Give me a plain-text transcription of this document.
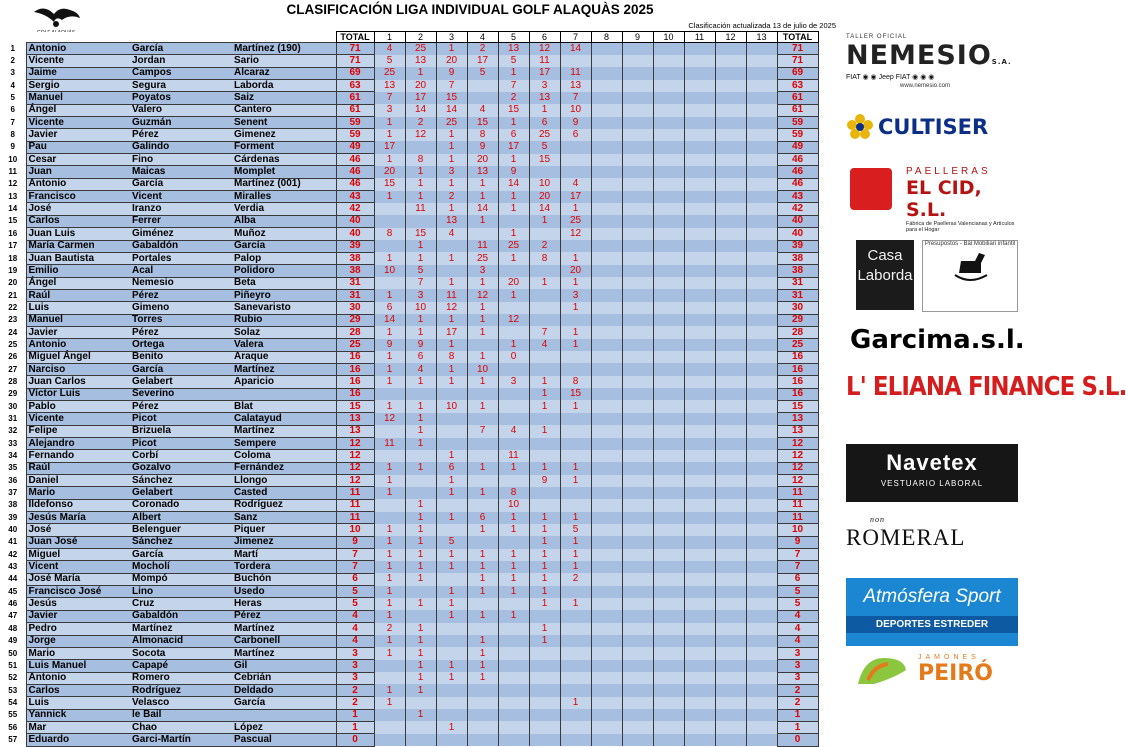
CLASIFICACIÓN LIGA INDIVIDUAL GOLF ALAQUÀS 2025
Clasificación actualizada 13 de julio de 2025
				TOTAL	1	2	3	4	5	6	7	8	9	10	11	12	13	TOTAL
1	Antonio	García	Martínez (190)	71	4	25	1	2	13	12	14							71
2	Vicente	Jordan	Sario	71	5	13	20	17	5	11								71
3	Jaime	Campos	Alcaraz	69	25	1	9	5	1	17	11							69
4	Sergio	Segura	Laborda	63	13	20	7		7	3	13							63
5	Manuel	Poyatos	Saiz	61	7	17	15		2	13	7							61
6	Ángel	Valero	Cantero	61	3	14	14	4	15	1	10							61
7	Vicente	Guzmán	Senent	59	1	2	25	15	1	6	9							59
8	Javier	Pérez	Gimenez	59	1	12	1	8	6	25	6							59
9	Pau	Galindo	Forment	49	17		1	9	17	5								49
10	Cesar	Fino	Cárdenas	46	1	8	1	20	1	15								46
11	Juan	Maicas	Momplet	46	20	1	3	13	9									46
12	Antonio	García	Martínez (001)	46	15	1	1	1	14	10	4							46
13	Francisco	Vicent	Miralles	43	1	1	2	1	1	20	17							43
14	José	Iranzo	Verdia	42		11	1	14	1	14	1							42
15	Carlos	Ferrer	Alba	40			13	1		1	25							40
16	Juan Luis	Giménez	Muñoz	40	8	15	4		1		12							40
17	María Carmen	Gabaldón	García	39		1		11	25	2								39
18	Juan Bautista	Portales	Palop	38	1	1	1	25	1	8	1							38
19	Emilio	Acal	Polidoro	38	10	5		3			20							38
20	Ángel	Nemesio	Beta	31		7	1	1	20	1	1							31
21	Raúl	Pérez	Piñeyro	31	1	3	11	12	1		3							31
22	Luis	Gimeno	Sanevaristo	30	6	10	12	1			1							30
23	Manuel	Torres	Rubio	29	14	1	1	1	12									29
24	Javier	Pérez	Solaz	28	1	1	17	1		7	1							28
25	Antonio	Ortega	Valera	25	9	9	1		1	4	1							25
26	Miguel Ángel	Benito	Araque	16	1	6	8	1	0									16
27	Narciso	García	Martínez	16	1	4	1	10										16
28	Juan Carlos	Gelabert	Aparicio	16	1	1	1	1	3	1	8							16
29	Víctor Luis	Severino		16						1	15							16
30	Pablo	Pérez	Blat	15	1	1	10	1		1	1							15
31	Vicente	Picot	Calatayud	13	12	1												13
32	Felipe	Brizuela	Martínez	13		1		7	4	1								13
33	Alejandro	Picot	Sempere	12	11	1												12
34	Fernando	Corbí	Coloma	12			1		11									12
35	Raúl	Gozalvo	Fernández	12	1	1	6	1	1	1	1							12
36	Daniel	Sánchez	Llongo	12	1		1			9	1							12
37	Mario	Gelabert	Casted	11	1		1	1	8									11
38	Ildefonso	Coronado	Rodríguez	11		1			10									11
39	Jesús María	Albert	Sanz	11		1	1	6	1	1	1							11
40	José	Belenguer	Piquer	10	1	1		1	1	1	5							10
41	Juan José	Sánchez	Jimenez	9	1	1	5			1	1							9
42	Miguel	García	Martí	7	1	1	1	1	1	1	1							7
43	Vicent	Mocholí	Tordera	7	1	1	1	1	1	1	1							7
44	José María	Mompó	Buchón	6	1	1		1	1	1	2							6
45	Francisco José	Lino	Usedo	5	1		1	1	1	1								5
46	Jesús	Cruz	Heras	5	1	1	1			1	1							5
47	Javier	Gabaldón	Pérez	4	1		1	1	1									4
48	Pedro	Martínez	Martínez	4	2	1				1								4
49	Jorge	Almonacid	Carbonell	4	1	1		1		1								4
50	Mario	Socota	Martínez	3	1	1		1										3
51	Luis Manuel	Capapé	Gil	3		1	1	1										3
52	Antonio	Romero	Cebrián	3		1	1	1										3
53	Carlos	Rodríguez	Deldado	2	1	1												2
54	Luis	Velasco	García	2	1						1							2
55	Yannick	le Bail		1		1												1
56	Mar	Chao	López	1			1											1
57	Eduardo	Garci-Martín	Pascual	0														0
TALLER OFICIAL
NEMESIOS.A.
FIAT ◉ ◉ Jeep FIAT ◉ ◉ ◉
www.nemesio.com
CULTISER
PAELLERAS
EL CID, S.L.
Fábrica de Paelleras Valencianas y Artículos para el Hogar
Casa Laborda
Presupostos - Bàl Mobiliari infantil
Garcima.s.l.
L' ELIANA FINANCE S.L.
Navetex
VESTUARIO LABORAL
non
ROMERAL
Atmósfera Sport
DEPORTES ESTREDER
JAMONES
PEIRÓ
